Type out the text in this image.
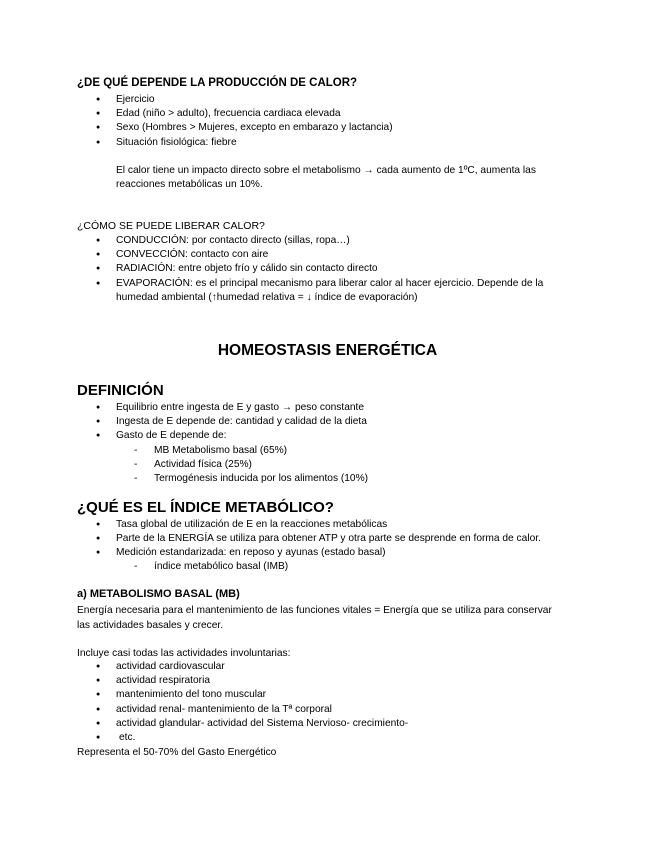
¿DE QUÉ DEPENDE LA PRODUCCIÓN DE CALOR?
● Ejercicio
● Edad (niño > adulto), frecuencia cardiaca elevada
● Sexo (Hombres > Mujeres, excepto en embarazo y lactancia)
● Situación fisiológica: fiebre
El calor tiene un impacto directo sobre el metabolismo → cada aumento de 1ºC, aumenta las
reacciones metabólicas un 10%.
¿CÓMO SE PUEDE LIBERAR CALOR?
● CONDUCCIÓN: por contacto directo (sillas, ropa…)
● CONVECCIÓN: contacto con aire
● RADIACIÓN: entre objeto frío y cálido sin contacto directo
● EVAPORACIÓN: es el principal mecanismo para liberar calor al hacer ejercicio. Depende de la humedad ambiental (↑humedad relativa = ↓ índice de evaporación)
HOMEOSTASIS ENERGÉTICA
DEFINICIÓN
● Equilibrio entre ingesta de E y gasto → peso constante
● Ingesta de E depende de: cantidad y calidad de la dieta
● Gasto de E depende de:
- MB Metabolismo basal (65%)
- Actividad física (25%)
- Termogénesis inducida por los alimentos (10%)
¿QUÉ ES EL ÍNDICE METABÓLICO?
● Tasa global de utilización de E en la reacciones metabólicas
● Parte de la ENERGÍA se utiliza para obtener ATP y otra parte se desprende en forma de calor.
● Medición estandarizada: en reposo y ayunas (estado basal)
- índice metabólico basal (IMB)
a) METABOLISMO BASAL (MB)
Energía necesaria para el mantenimiento de las funciones vitales = Energía que se utiliza para conservar
las actividades basales y crecer.
Incluye casi todas las actividades involuntarias:
● actividad cardiovascular
● actividad respiratoria
● mantenimiento del tono muscular
● actividad renal- mantenimiento de la Tª corporal
● actividad glandular- actividad del Sistema Nervioso- crecimiento-
● etc.
Representa el 50-70% del Gasto Energético
